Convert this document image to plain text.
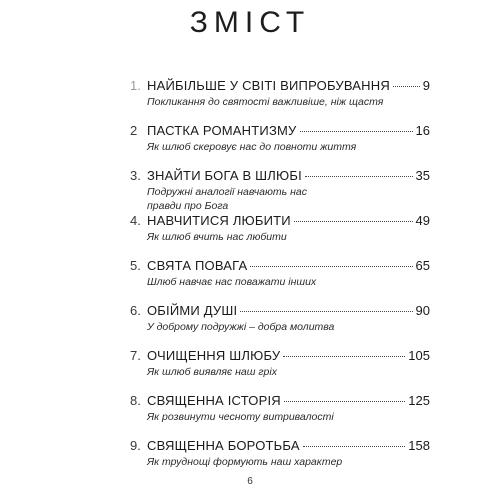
ЗМІСТ
1. НАЙБІЛЬШЕ У СВІТІ ВИПРОБУВАННЯ	9
Покликання до святості важливіше, ніж щастя
2 ПАСТКА РОМАНТИЗМУ	16
Як шлюб скеровує нас до повноти життя
3. ЗНАЙТИ БОГА В ШЛЮБІ	35
Подружні аналогії навчають нас правди про Бога
4. НАВЧИТИСЯ ЛЮБИТИ	49
Як шлюб вчить нас любити
5. СВЯТА ПОВАГА	65
Шлюб навчає нас поважати інших
6. ОБІЙМИ ДУШІ	90
У доброму подружжі – добра молитва
7. ОЧИЩЕННЯ ШЛЮБУ	105
Як шлюб виявляє наш гріх
8. СВЯЩЕННА ІСТОРІЯ	125
Як розвинути чесноту витривалості
9. СВЯЩЕННА БОРОТЬБА	158
Як труднощі формують наш характер
6
